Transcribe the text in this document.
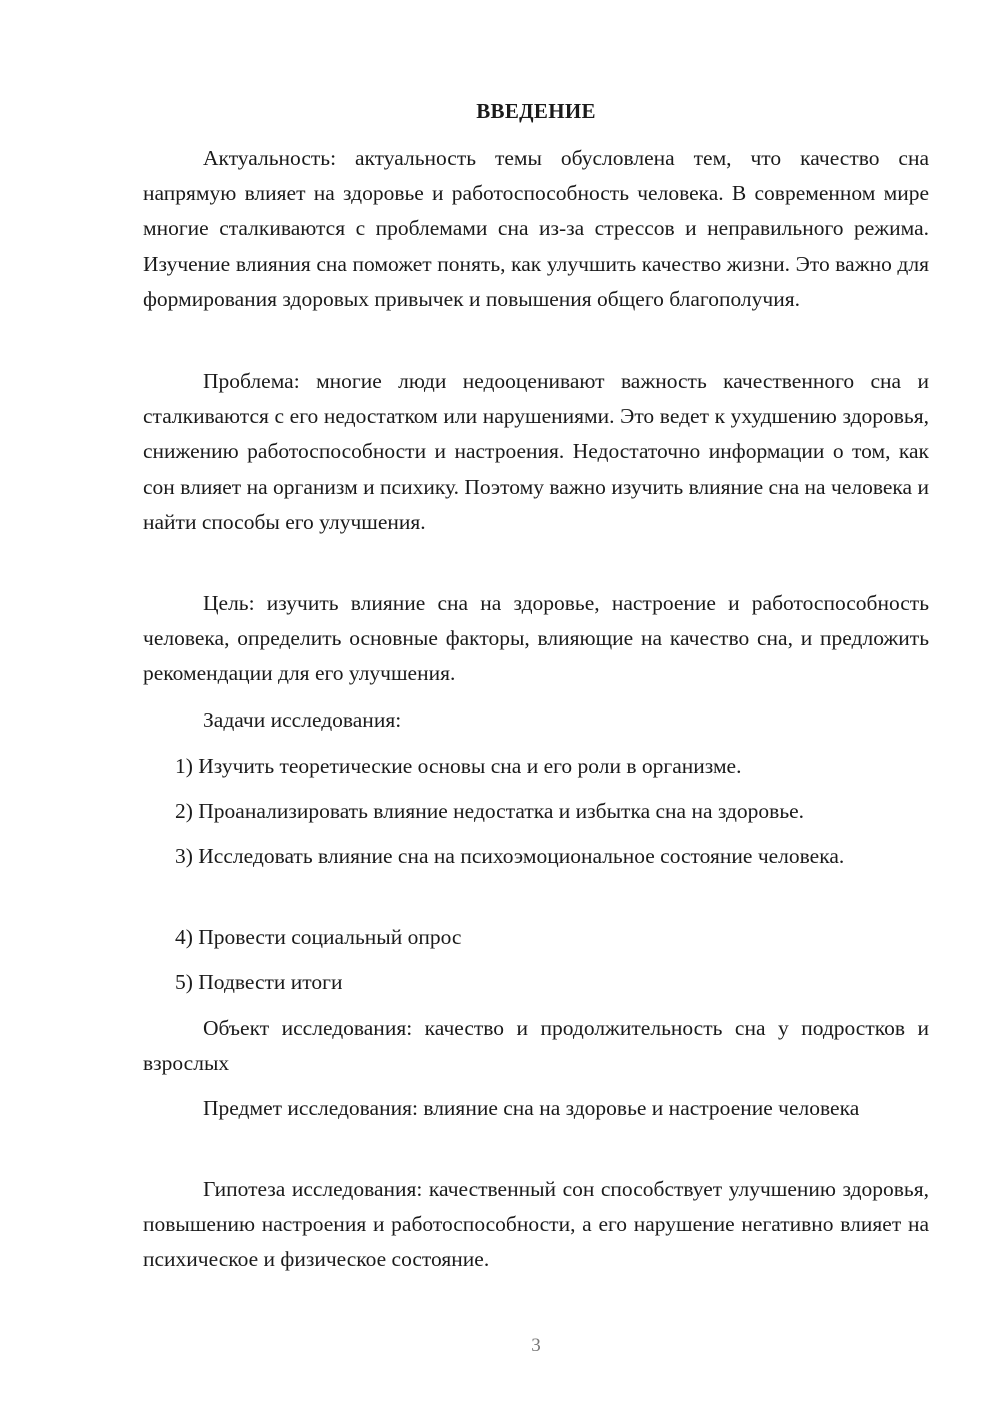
ВВЕДЕНИЕ

Актуальность: актуальность темы обусловлена тем, что качество сна напрямую влияет на здоровье и работоспособность человека. В современном мире многие сталкиваются с проблемами сна из-за стрессов и неправильного режима. Изучение влияния сна поможет понять, как улучшить качество жизни. Это важно для формирования здоровых привычек и повышения общего благополучия.

Проблема: многие люди недооценивают важность качественного сна и сталкиваются с его недостатком или нарушениями. Это ведет к ухудшению здоровья, снижению работоспособности и настроения. Недостаточно информации о том, как сон влияет на организм и психику. Поэтому важно изучить влияние сна на человека и найти способы его улучшения.

Цель: изучить влияние сна на здоровье, настроение и работоспособность человека, определить основные факторы, влияющие на качество сна, и предложить рекомендации для его улучшения.

Задачи исследования:

1) Изучить теоретические основы сна и его роли в организме.

2) Проанализировать влияние недостатка и избытка сна на здоровье.

3) Исследовать влияние сна на психоэмоциональное состояние человека.

4) Провести социальный опрос

5) Подвести итоги

Объект исследования: качество и продолжительность сна у подростков и взрослых

Предмет исследования: влияние сна на здоровье и настроение человека

Гипотеза исследования: качественный сон способствует улучшению здоровья, повышению настроения и работоспособности, а его нарушение негативно влияет на психическое и физическое состояние.

3
